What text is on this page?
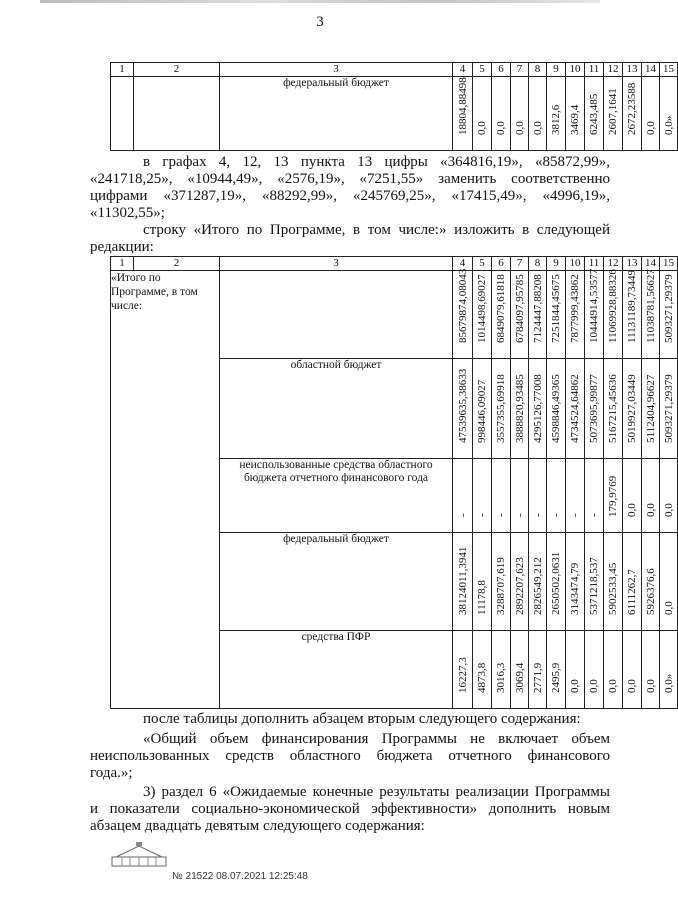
3
1	2	3	4	5	6	7	8	9	10	11	12	13	14	15
		федеральный бюджет	18804,88498	0,0	0,0	0,0	0,0	3812,6	3469,4	6243,485	2607,1641	2672,23588	0,0	0,0»

в графах 4, 12, 13 пункта 13 цифры «364816,19», «85872,99»,

«241718,25», «10944,49», «2576,19», «7251,55» заменить соответственно

цифрами «371287,19», «88292,99», «245769,25», «17415,49», «4996,19»,

«11302,55»;

строку «Итого по Программе, в том числе:» изложить в следующей

редакции:

1	2	3	4	5	6	7	8	9	10	11	12	13	14	15
«Итого по Программе, в том числе:			85679874,08043	1014498,69027	6849079,61818	6784097,95785	7124447,88208	7251844,45675	7877999,43862	10444914,53577	11069928,88326	11131189,73449	11038781,56627	5093271,29379

		областной бюджет	47539635,38633	998446,09027	3557355,69918	3888820,93485	4295126,77008	4598846,49365	4734524,64862	5073695,99877	5167215,45636	5019927,03449	5112404,96627	5093271,29379

		неиспользованные средства областного бюджета отчетного финансового года	-	-	-	-	-	-	-	-	179,9769	0,0	0,0	0,0

		федеральный бюджет	38124011,3941	11178,8	3288707,619	2892207,623	2826549,212	2650502,0631	3143474,79	5371218,537	5902533,45	6111262,7	5926376,6	0,0

		средства ПФР	16227,3	4873,8	3016,3	3069,4	2771,9	2495,9	0,0	0,0	0,0	0,0	0,0	0,0»

после таблицы дополнить абзацем вторым следующего содержания:

«Общий объем финансирования Программы не включает объем

неиспользованных средств областного бюджета отчетного финансового

года.»;

3) раздел 6 «Ожидаемые конечные результаты реализации Программы

и показатели социально-экономической эффективности» дополнить новым

абзацем двадцать девятым следующего содержания:

№ 21522 08.07.2021 12:25:48
